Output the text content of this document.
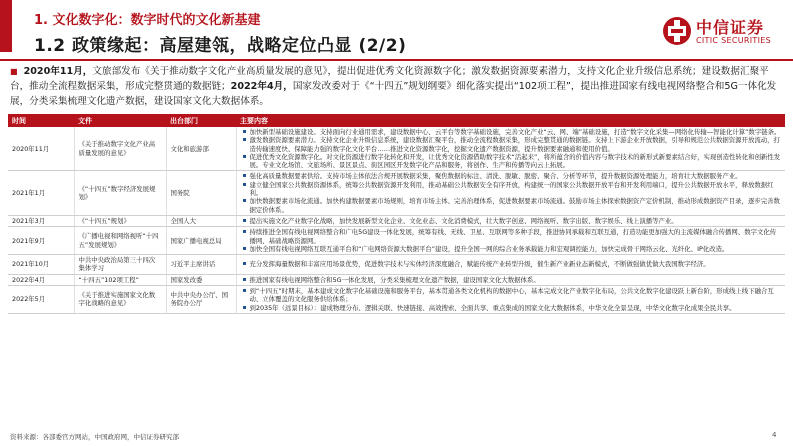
1. 文化数字化：数字时代的文化新基建
1.2 政策缘起：高屋建瓴，战略定位凸显 (2/2)
中信证券
CITIC SECURITIES
■ 2020年11月，文旅部发布《关于推动数字文化产业高质量发展的意见》，提出促进优秀文化资源数字化；激发数据资源要素潜力，支持文化企业升级信息系统；建设数据汇聚平台，推动全流程数据采集，形成完整贯通的数据链；2022年4月，国家发改委对于《“十四五”规划纲要》细化落实提出“102项工程”，提出推进国家有线电视网络整合和5G一体化发展，分类采集梳理文化遗产数据，建设国家文化大数据体系。
时间	文件	出台部门	主要内容
2020年11月	《关于推动数字文化产业高质量发展的意见》	文化和旅游部	▪ 加快新型基础设施建设。支持面向行业通用需求，建设数据中心、云平台等数字基础设施，完善文化产业“云、网、端”基础设施，打造“数字文化采集—网络化传输—智能化计算”数字链条。
▪ 激发数据资源要素潜力。支持文化企业升级信息系统，建设数据汇聚平台，推动全流程数据采集，形成完整贯通的数据链。支持上下游企业开放数据，引导和规范公共数据资源开放流动，打造传输速度快、保障能力强的数字化文化平台……推进文化资源数字化，挖掘文化遗产数据资源，提升数据要素融通和使用价值。
▪ 促进优秀文化资源数字化。对文化资源进行数字化转化和开发，让优秀文化资源借助数字技术“活起来”，将所蕴含的价值内容与数字技术的新形式新要素结合好，实现创造性转化和创新性发展。专业文化场馆、文旅场所、景区景点、街区园区开发数字化产品和服务，将创作、生产和传播等向云上拓展。

2021年1月	《“十四五”数字经济发展规划》	国务院	▪ 强化高质量数据要素供给。支持市场主体依法合规开展数据采集，聚焦数据的标注、清洗、脱敏、脱密、聚合、分析等环节，提升数据资源处理能力，培育壮大数据服务产业。
▪ 建立健全国家公共数据资源体系，统筹公共数据资源开发利用，推动基础公共数据安全有序开放，构建统一的国家公共数据开放平台和开发利用端口，提升公共数据开放水平，释放数据红利。
▪ 加快数据要素市场化流通。加快构建数据要素市场规则，培育市场主体、完善治理体系，促进数据要素市场流通。鼓励市场主体探索数据资产定价机制，推动形成数据资产目录，逐步完善数据定价体系。

2021年3月	《“十四五”规划》	全国人大	▪ 提出实施文化产业数字化战略，加快发展新型文化企业、文化业态、文化消费模式，壮大数字创意、网络视听、数字出版、数字娱乐、线上演播等产业。

2021年9月	《广播电视和网络视听“十四五”发展规划》	国家广播电视总局	▪ 持续推进全国有线电视网络整合和广电5G建设一体化发展，统筹有线、无线、卫星、互联网等多种手段，推进协同承载和互联互通，打造功能更加强大的主流媒体融合传播网、数字文化传播网、基础战略资源网。
▪ 加快全国有线电视网络互联互通平台和“广电网络资源大数据平台”建设，提升全国一网的综合业务承载能力和宏观调控能力，加快完成骨干网络云化、光纤化、IP化改造。

2021年10月	中共中央政治局第三十四次集体学习	习近平主席讲话	▪ 充分发挥海量数据和丰富应用场景优势，促进数字技术与实体经济深度融合，赋能传统产业转型升级，催生新产业新业态新模式，不断做强做优做大我国数字经济。

2022年4月	“十四五”102项工程”	国家发改委	▪ 推进国家有线电视网络整合和5G一体化发展，分类采集梳理文化遗产数据，建设国家文化大数据体系。

2022年5月	《关于推进实施国家文化数字化战略的意见》	中共中央办公厅、国务院办公厅	▪ 到“十四五”时期末，基本建成文化数字化基础设施和服务平台，基本贯通各类文化机构的数据中心，基本完成文化产业数字化布局，公共文化数字化建设跃上新台阶，形成线上线下融合互动、立体覆盖的文化服务供给体系；
▪ 到2035年（远景目标）：建成物理分布、逻辑关联、快速链接、高效搜索、全面共享、重点集成的国家文化大数据体系，中华文化全景呈现，中华文化数字化成果全民共享。
资料来源：各部委官方网站，中国政府网，中信证券研究部	4
